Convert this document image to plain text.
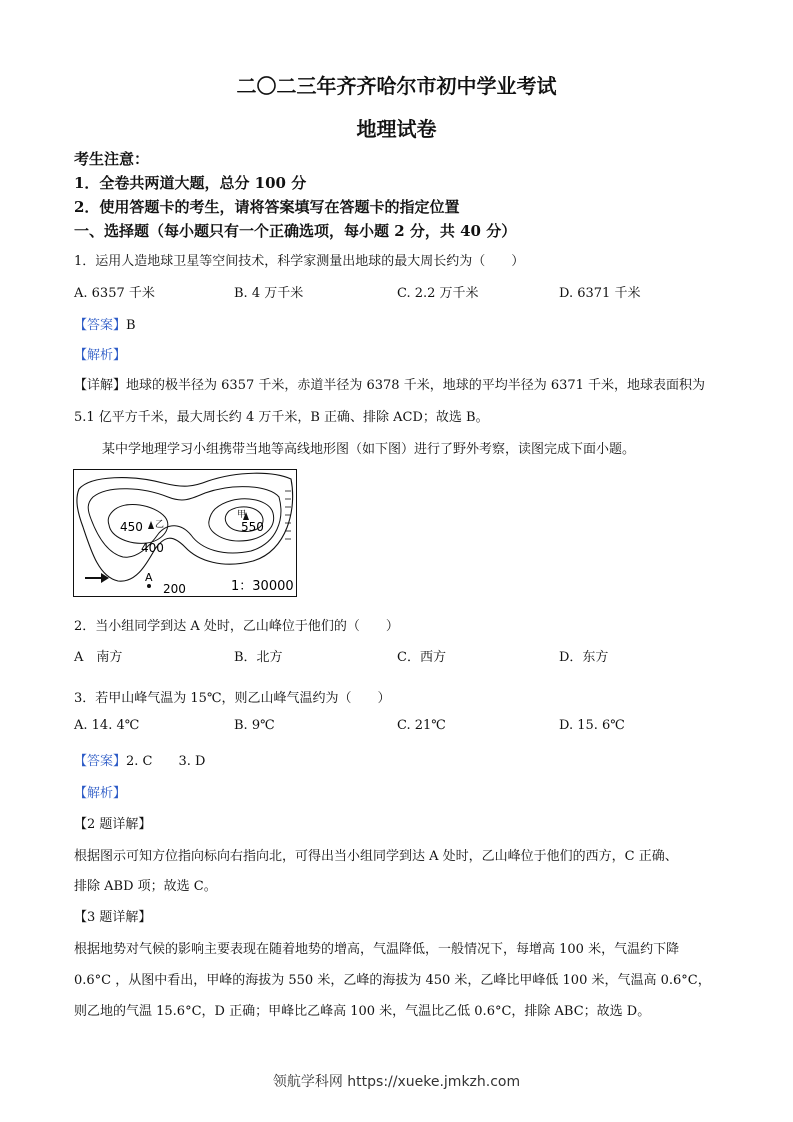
二〇二三年齐齐哈尔市初中学业考试
地理试卷
考生注意：
1．全卷共两道大题，总分 100 分
2．使用答题卡的考生，请将答案填写在答题卡的指定位置
一、选择题（每小题只有一个正确选项，每小题 2 分，共 40 分）
1．运用人造地球卫星等空间技术，科学家测量出地球的最大周长约为（　　）
A. 6357 千米	B. 4 万千米	C. 2.2 万千米	D. 6371 千米
【答案】B
【解析】
【详解】地球的极半径为 6357 千米，赤道半径为 6378 千米，地球的平均半径为 6371 千米，地球表面积为
5.1 亿平方千米，最大周长约 4 万千米，B 正确、排除 ACD；故选 B。
某中学地理学习小组携带当地等高线地形图（如下图）进行了野外考察，读图完成下面小题。
450 乙
甲
550
400
200
A
1：30000
2．当小组同学到达 A 处时，乙山峰位于他们的（　　）
A　南方	B．北方	C．西方	D．东方
3．若甲山峰气温为 15℃，则乙山峰气温约为（　　）
A. 14. 4℃	B. 9℃	C. 21℃	D. 15. 6℃
【答案】2. C　　3. D
【解析】
【2 题详解】
根据图示可知方位指向标向右指向北，可得出当小组同学到达 A 处时，乙山峰位于他们的西方，C 正确、
排除 ABD 项；故选 C。
【3 题详解】
根据地势对气候的影响主要表现在随着地势的增高，气温降低，一般情况下，每增高 100 米，气温约下降
0.6°C ，从图中看出，甲峰的海拔为 550 米，乙峰的海拔为 450 米，乙峰比甲峰低 100 米，气温高 0.6°C，
则乙地的气温 15.6°C，D 正确；甲峰比乙峰高 100 米，气温比乙低 0.6°C，排除 ABC；故选 D。
领航学科网 https://xueke.jmkzh.com
